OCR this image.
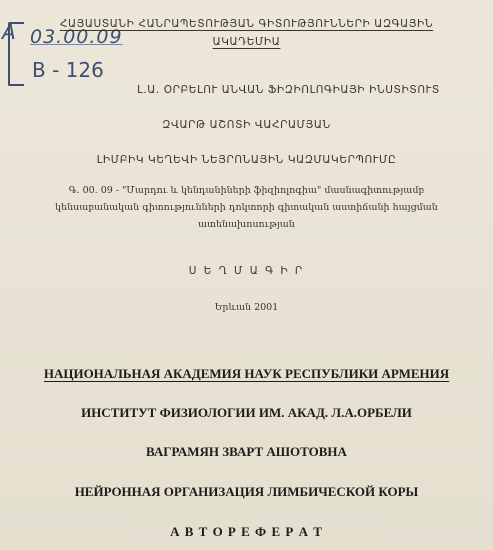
A 03.00.09
B - 126
ՀԱՅԱՍՏԱՆԻ ՀԱՆՐԱՊԵՏՈՒԹՅԱՆ ԳԻՏՈՒԹՅՈՒՆՆԵՐԻ ԱԶԳԱՅԻՆ
ԱԿԱԴԵՄԻԱ
Լ.Ա. ՕՐԲԵԼՈՒ ԱՆՎԱՆ ՖԻԶԻՈԼՈԳԻԱՅԻ ԻՆՍՏԻՏՈՒՏ
ԶՎԱՐԹ ԱՇՈՏԻ ՎԱՀՐԱՄՅԱՆ
ԼԻՄԲԻԿ ԿԵՂԵՎԻ ՆԵՅՐՈՆԱՅԻՆ ԿԱԶՄԱԿԵՐՊՈՒՄԸ
Գ. 00. 09 - "Մարդու և կենդանիների ֆիզիոլոգիա" մասնագիտությամբ
կենսաբանական գիտությունների դոկտորի գիտական աստիճանի հայցման
ատենախոսության
Ս Ե Ղ Մ Ա Գ Ի Ր
Երևան 2001
НАЦИОНАЛЬНАЯ АКАДЕМИЯ НАУК РЕСПУБЛИКИ АРМЕНИЯ
ИНСТИТУТ ФИЗИОЛОГИИ ИМ. АКАД. Л.А.ОРБЕЛИ
ВАГРАМЯН ЗВАРТ АШОТОВНА
НЕЙРОННАЯ ОРГАНИЗАЦИЯ ЛИМБИЧЕСКОЙ КОРЫ
А В Т О Р Е Ф Е Р А Т
